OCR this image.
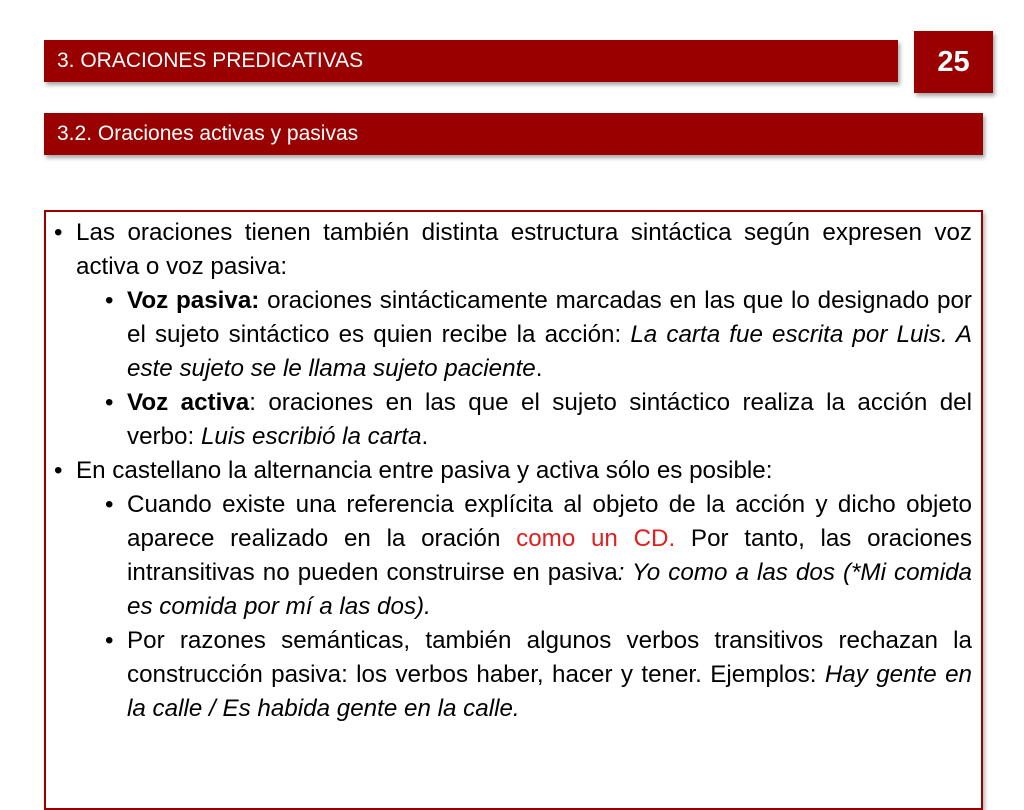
3. ORACIONES PREDICATIVAS	25
3.2. Oraciones activas y pasivas
• Las oraciones tienen también distinta estructura sintáctica según expresen voz activa o voz pasiva:
• Voz pasiva: oraciones sintácticamente marcadas en las que lo designado por el sujeto sintáctico es quien recibe la acción: La carta fue escrita por Luis. A este sujeto se le llama sujeto paciente.
• Voz activa: oraciones en las que el sujeto sintáctico realiza la acción del verbo: Luis escribió la carta.
• En castellano la alternancia entre pasiva y activa sólo es posible:
• Cuando existe una referencia explícita al objeto de la acción y dicho objeto aparece realizado en la oración como un CD. Por tanto, las oraciones intransitivas no pueden construirse en pasiva: Yo como a las dos (*Mi comida es comida por mí a las dos).
• Por razones semánticas, también algunos verbos transitivos rechazan la construcción pasiva: los verbos haber, hacer y tener. Ejemplos: Hay gente en la calle / Es habida gente en la calle.
